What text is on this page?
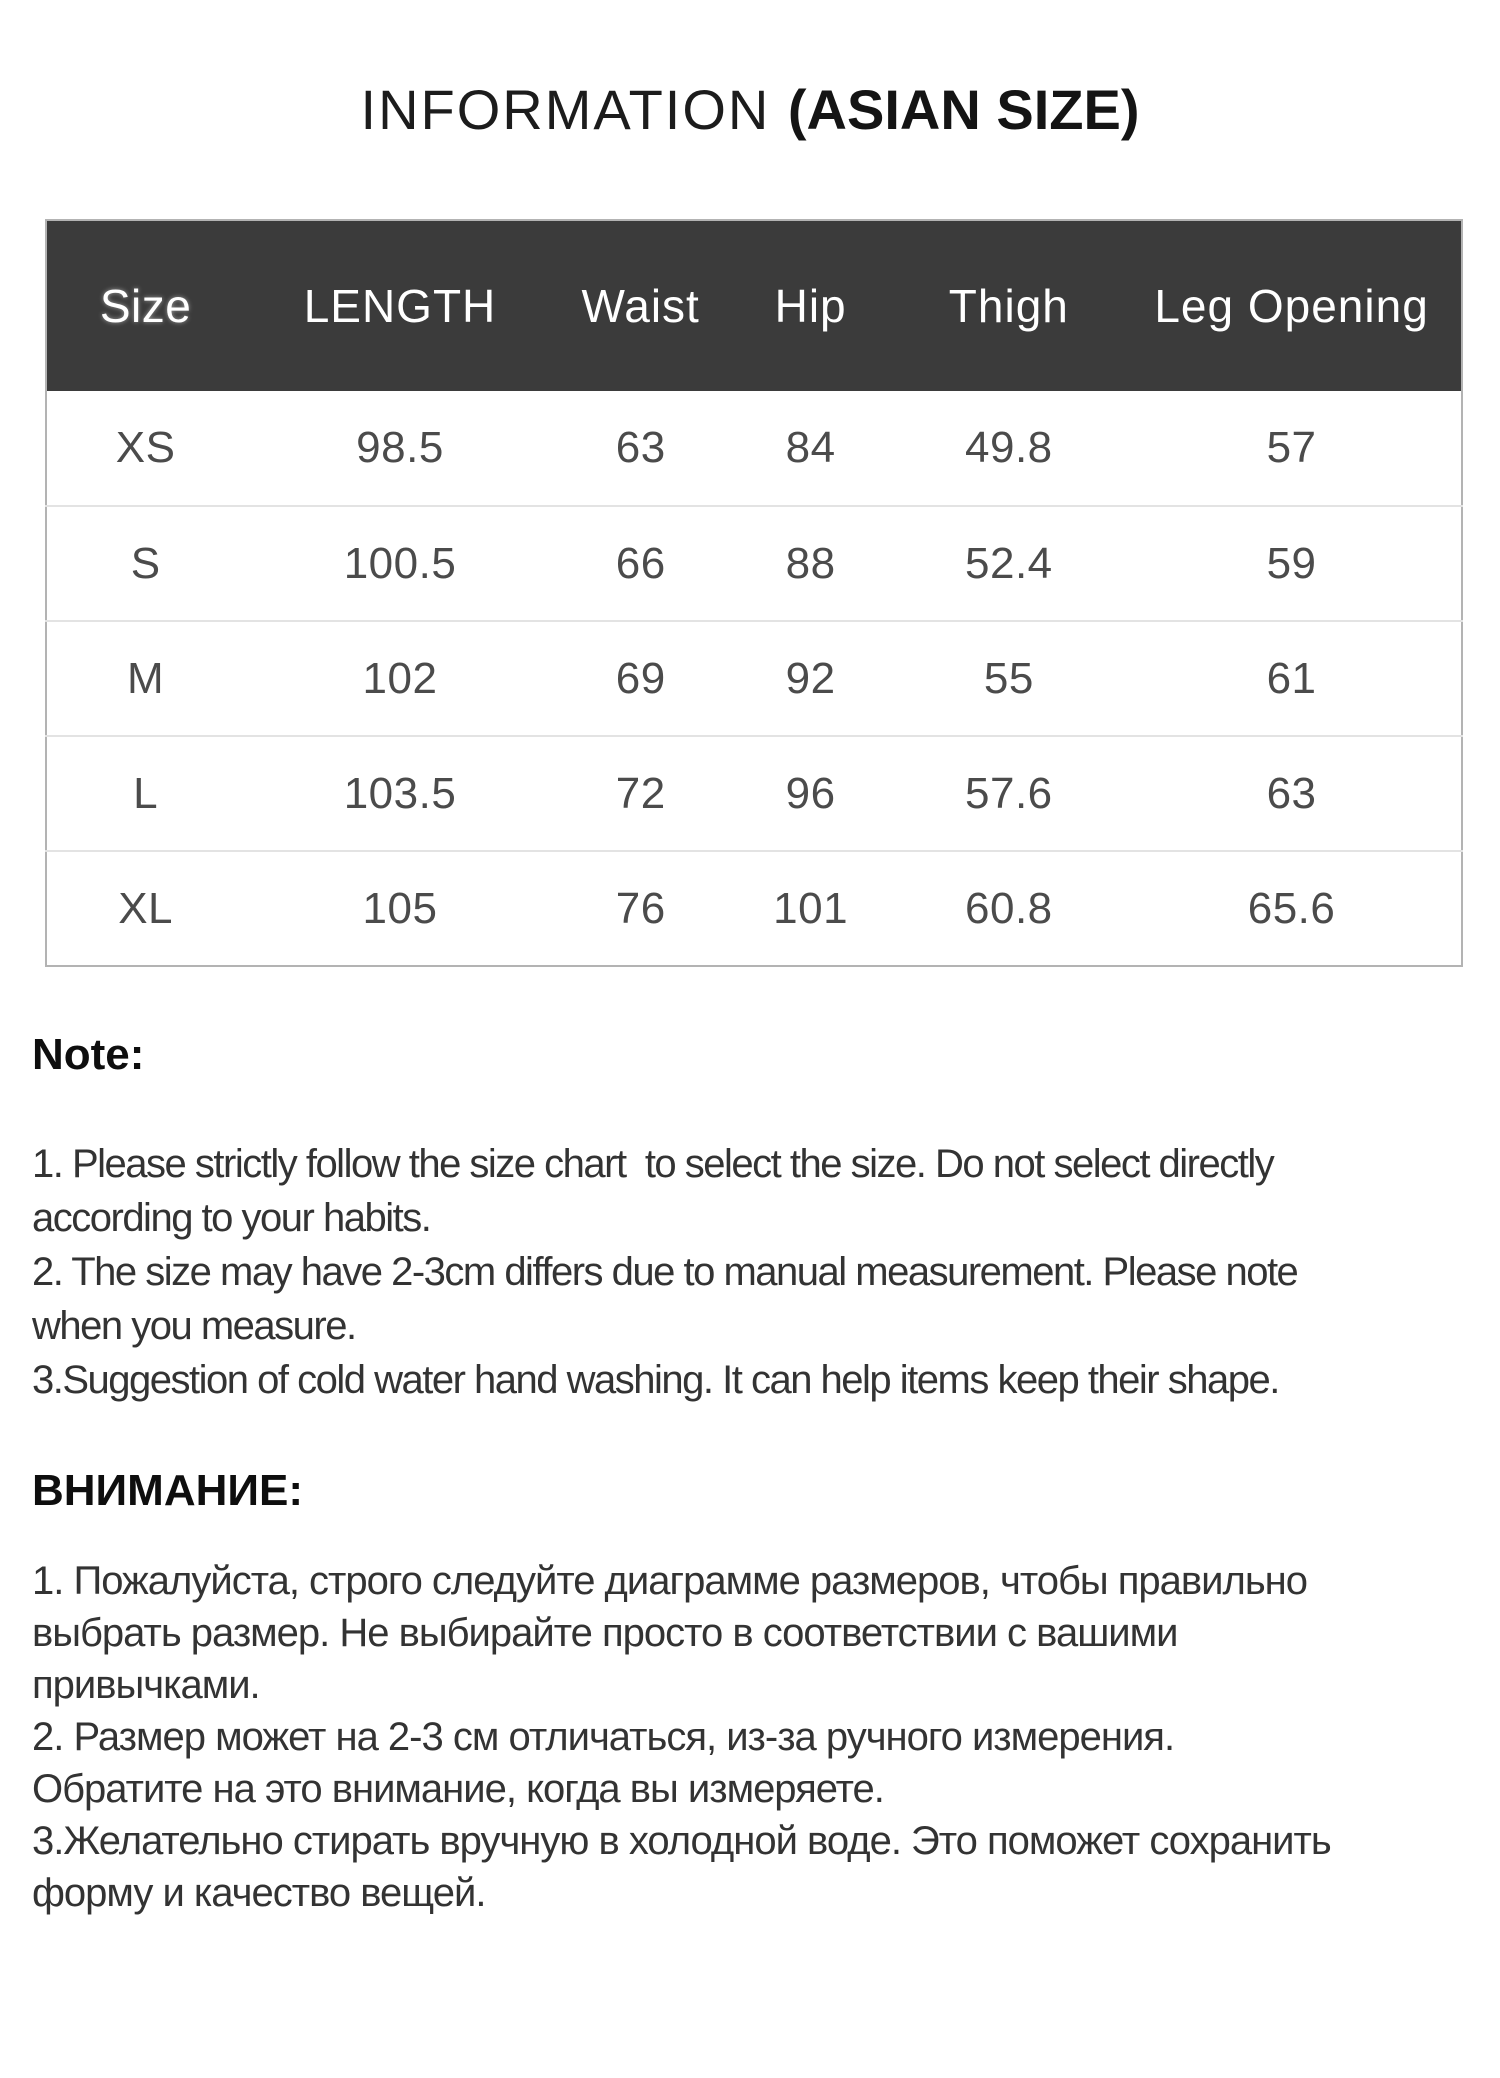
INFORMATION (ASIAN SIZE)
Size	LENGTH	Waist	Hip	Thigh	Leg Opening
XS	98.5	63	84	49.8	57
S	100.5	66	88	52.4	59
M	102	69	92	55	61
L	103.5	72	96	57.6	63
XL	105	76	101	60.8	65.6
Note:
1. Please strictly follow the size chart  to select the size. Do not select directly
according to your habits.
2. The size may have 2-3cm differs due to manual measurement. Please note
when you measure.
3.Suggestion of cold water hand washing. It can help items keep their shape.
ВНИМАНИЕ:
1. Пожалуйста, строго следуйте диаграмме размеров, чтобы правильно
выбрать размер. Не выбирайте просто в соответствии с вашими
привычками.
2. Размер может на 2-3 см отличаться, из-за ручного измерения.
Обратите на это внимание, когда вы измеряете.
3.Желательно стирать вручную в холодной воде. Это поможет сохранить
форму и качество вещей.
